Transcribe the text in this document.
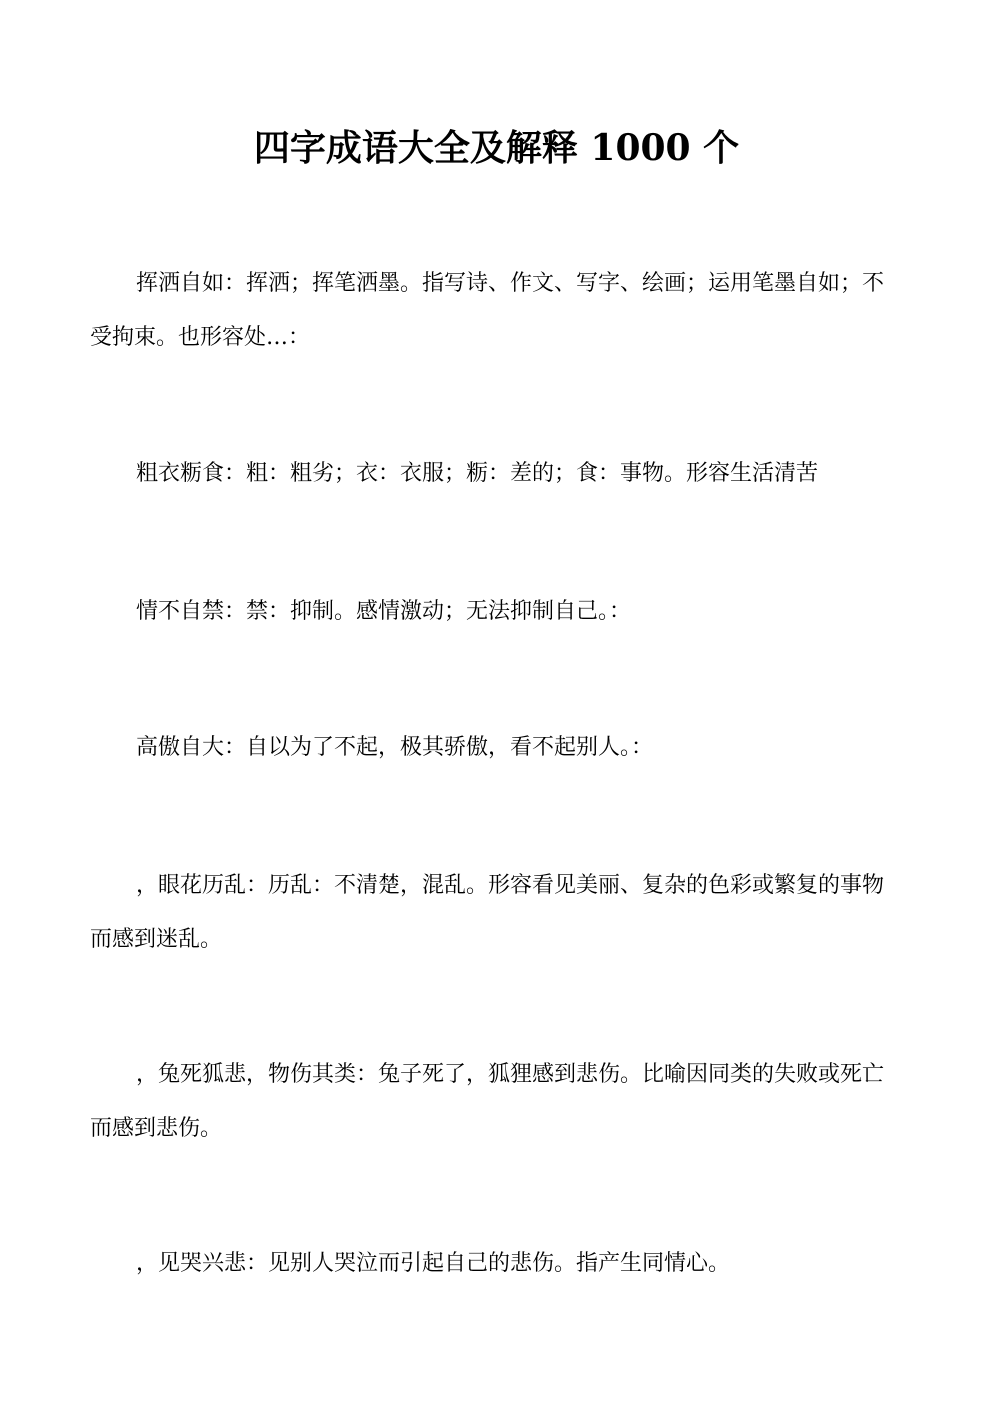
四字成语大全及解释 1000 个

挥洒自如：挥洒；挥笔洒墨。指写诗、作文、写字、绘画；运用笔墨自如；不受拘束。也形容处…：

粗衣粝食：粗：粗劣；衣：衣服；粝：差的；食：事物。形容生活清苦

情不自禁：禁：抑制。感情激动；无法抑制自己。：

高傲自大：自以为了不起，极其骄傲，看不起别人。：

，眼花历乱：历乱：不清楚，混乱。形容看见美丽、复杂的色彩或繁复的事物而感到迷乱。

，兔死狐悲，物伤其类：兔子死了，狐狸感到悲伤。比喻因同类的失败或死亡而感到悲伤。

，见哭兴悲：见别人哭泣而引起自己的悲伤。指产生同情心。
